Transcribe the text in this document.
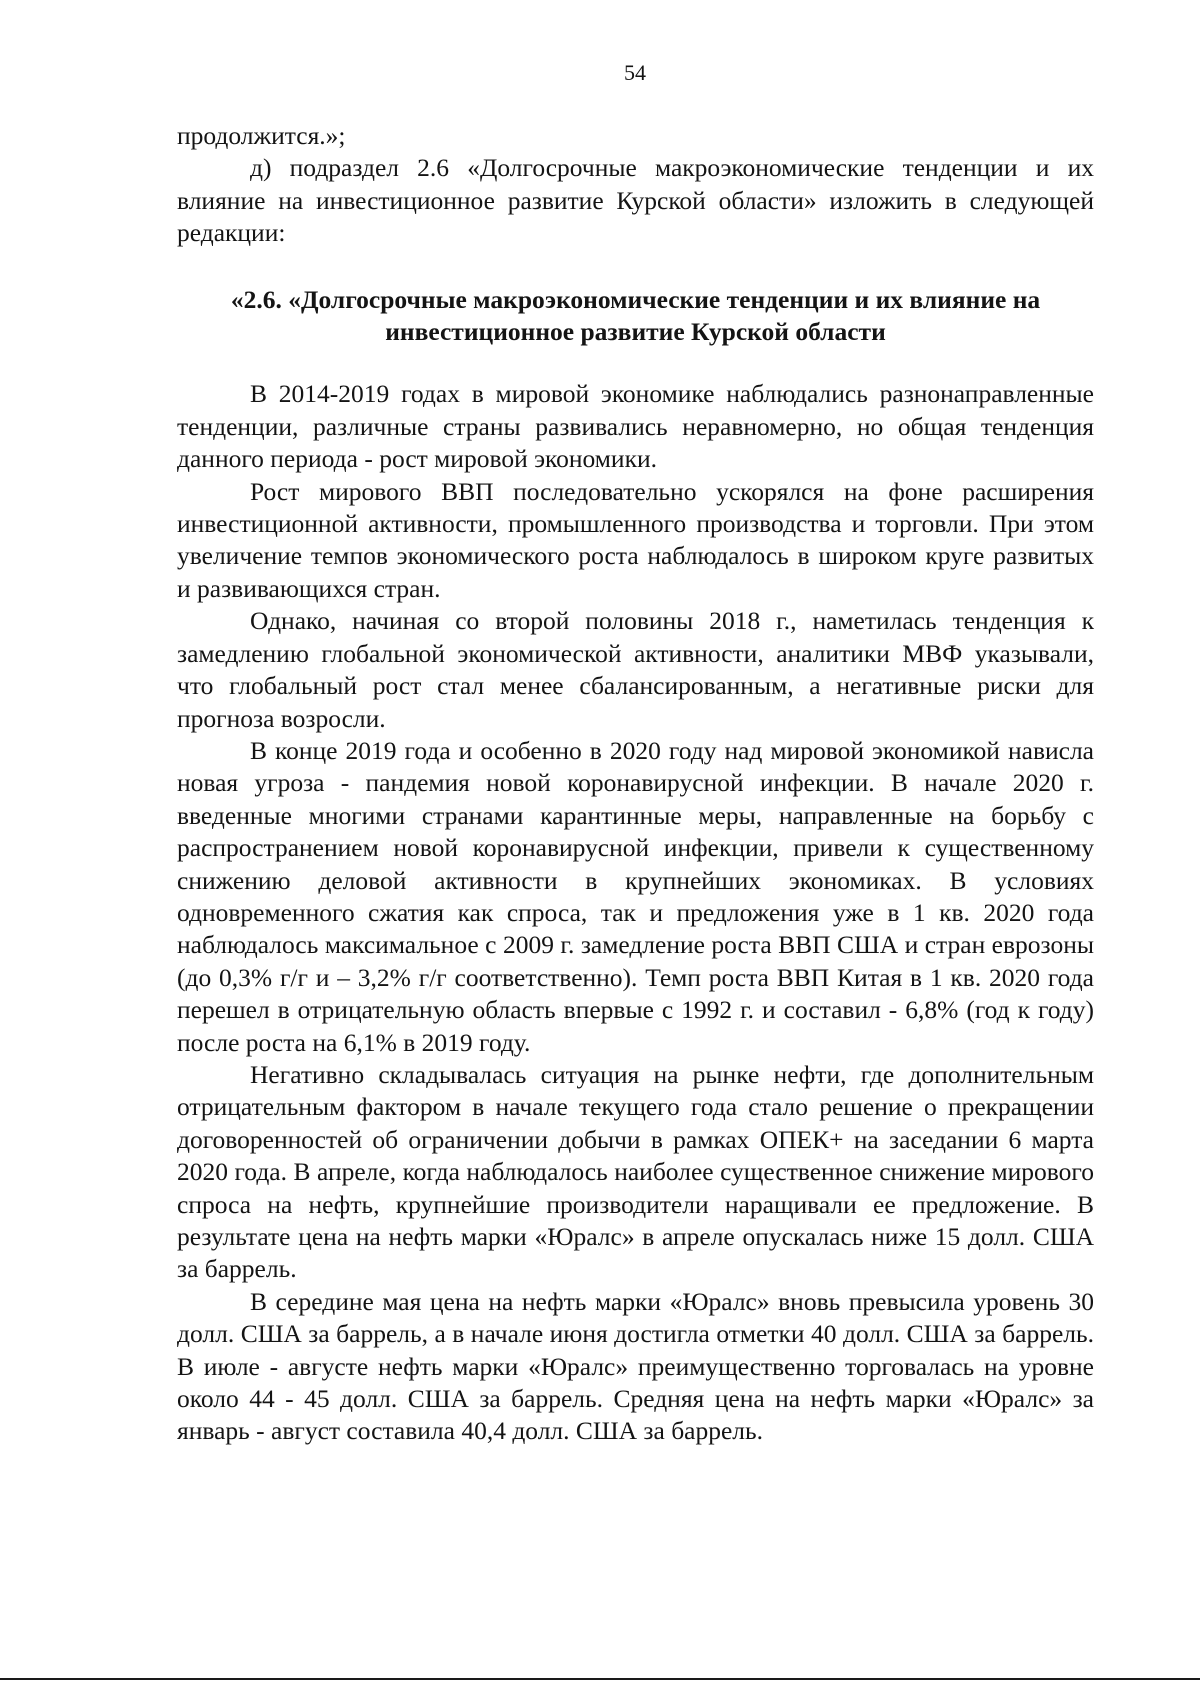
54

продолжится.»;

д) подраздел 2.6 «Долгосрочные макроэкономические тенденции и их влияние на инвестиционное развитие Курской области» изложить в следующей редакции:

«2.6. «Долгосрочные макроэкономические тенденции и их влияние на инвестиционное развитие Курской области

В 2014-2019 годах в мировой экономике наблюдались разнонаправленные тенденции, различные страны развивались неравномерно, но общая тенденция данного периода - рост мировой экономики.

Рост мирового ВВП последовательно ускорялся на фоне расширения инвестиционной активности, промышленного производства и торговли. При этом увеличение темпов экономического роста наблюдалось в широком круге развитых и развивающихся стран.

Однако, начиная со второй половины 2018 г., наметилась тенденция к замедлению глобальной экономической активности, аналитики МВФ указывали, что глобальный рост стал менее сбалансированным, а негативные риски для прогноза возросли.

В конце 2019 года и особенно в 2020 году над мировой экономикой нависла новая угроза - пандемия новой коронавирусной инфекции. В начале 2020 г. введенные многими странами карантинные меры, направленные на борьбу с распространением новой коронавирусной инфекции, привели к существенному снижению деловой активности в крупнейших экономиках. В условиях одновременного сжатия как спроса, так и предложения уже в 1 кв. 2020 года наблюдалось максимальное с 2009 г. замедление роста ВВП США и стран еврозоны (до 0,3% г/г и – 3,2% г/г соответственно). Темп роста ВВП Китая в 1 кв. 2020 года перешел в отрицательную область впервые с 1992 г. и составил - 6,8% (год к году) после роста на 6,1% в 2019 году.

Негативно складывалась ситуация на рынке нефти, где дополнительным отрицательным фактором в начале текущего года стало решение о прекращении договоренностей об ограничении добычи в рамках ОПЕК+ на заседании 6 марта 2020 года. В апреле, когда наблюдалось наиболее существенное снижение мирового спроса на нефть, крупнейшие производители наращивали ее предложение. В результате цена на нефть марки «Юралс» в апреле опускалась ниже 15 долл. США за баррель.

В середине мая цена на нефть марки «Юралс» вновь превысила уровень 30 долл. США за баррель, а в начале июня достигла отметки 40 долл. США за баррель. В июле - августе нефть марки «Юралс» преимущественно торговалась на уровне около 44 - 45 долл. США за баррель. Средняя цена на нефть марки «Юралс» за январь - август составила 40,4 долл. США за баррель.
